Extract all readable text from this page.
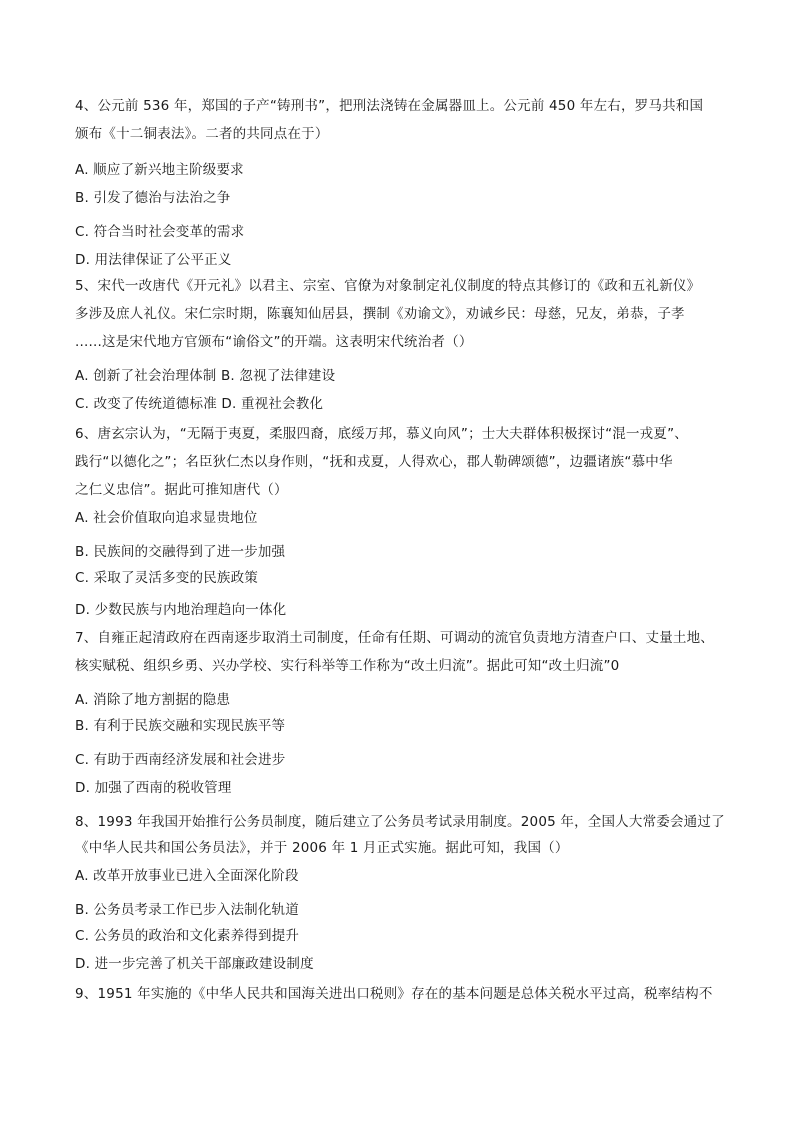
4、公元前 536 年，郑国的子产“铸刑书”，把刑法浇铸在金属器皿上。公元前 450 年左右，罗马共和国
颁布《十二铜表法》。二者的共同点在于）
A. 顺应了新兴地主阶级要求
B. 引发了德治与法治之争
C. 符合当时社会变革的需求
D. 用法律保证了公平正义
5、宋代一改唐代《开元礼》以君主、宗室、官僚为对象制定礼仪制度的特点其修订的《政和五礼新仪》
多涉及庶人礼仪。宋仁宗时期，陈襄知仙居县，撰制《劝谕文》，劝诫乡民：母慈，兄友，弟恭，子孝
......这是宋代地方官颁布“谕俗文”的开端。这表明宋代统治者（）
A. 创新了社会治理体制 B. 忽视了法律建设
C. 改变了传统道德标准 D. 重视社会教化
6、唐玄宗认为，“无隔于夷夏，柔服四裔，底绥万邦，慕义向风”；士大夫群体积极探讨“混一戎夏”、
践行“以德化之”；名臣狄仁杰以身作则，“抚和戎夏，人得欢心，郡人勒碑颂德”，边疆诸族“慕中华
之仁义忠信”。据此可推知唐代（）
A. 社会价值取向追求显贵地位
B. 民族间的交融得到了进一步加强
C. 采取了灵活多变的民族政策
D. 少数民族与内地治理趋向一体化
7、自雍正起清政府在西南逐步取消土司制度，任命有任期、可调动的流官负责地方清查户口、丈量土地、
核实赋税、组织乡勇、兴办学校、实行科举等工作称为“改土归流”。据此可知“改土归流”0
A. 消除了地方割据的隐患
B. 有利于民族交融和实现民族平等
C. 有助于西南经济发展和社会进步
D. 加强了西南的税收管理
8、1993 年我国开始推行公务员制度，随后建立了公务员考试录用制度。2005 年，全国人大常委会通过了
《中华人民共和国公务员法》，并于 2006 年 1 月正式实施。据此可知，我国（）
A. 改革开放事业已进入全面深化阶段
B. 公务员考录工作已步入法制化轨道
C. 公务员的政治和文化素养得到提升
D. 进一步完善了机关干部廉政建设制度
9、1951 年实施的《中华人民共和国海关进出口税则》存在的基本问题是总体关税水平过高，税率结构不
